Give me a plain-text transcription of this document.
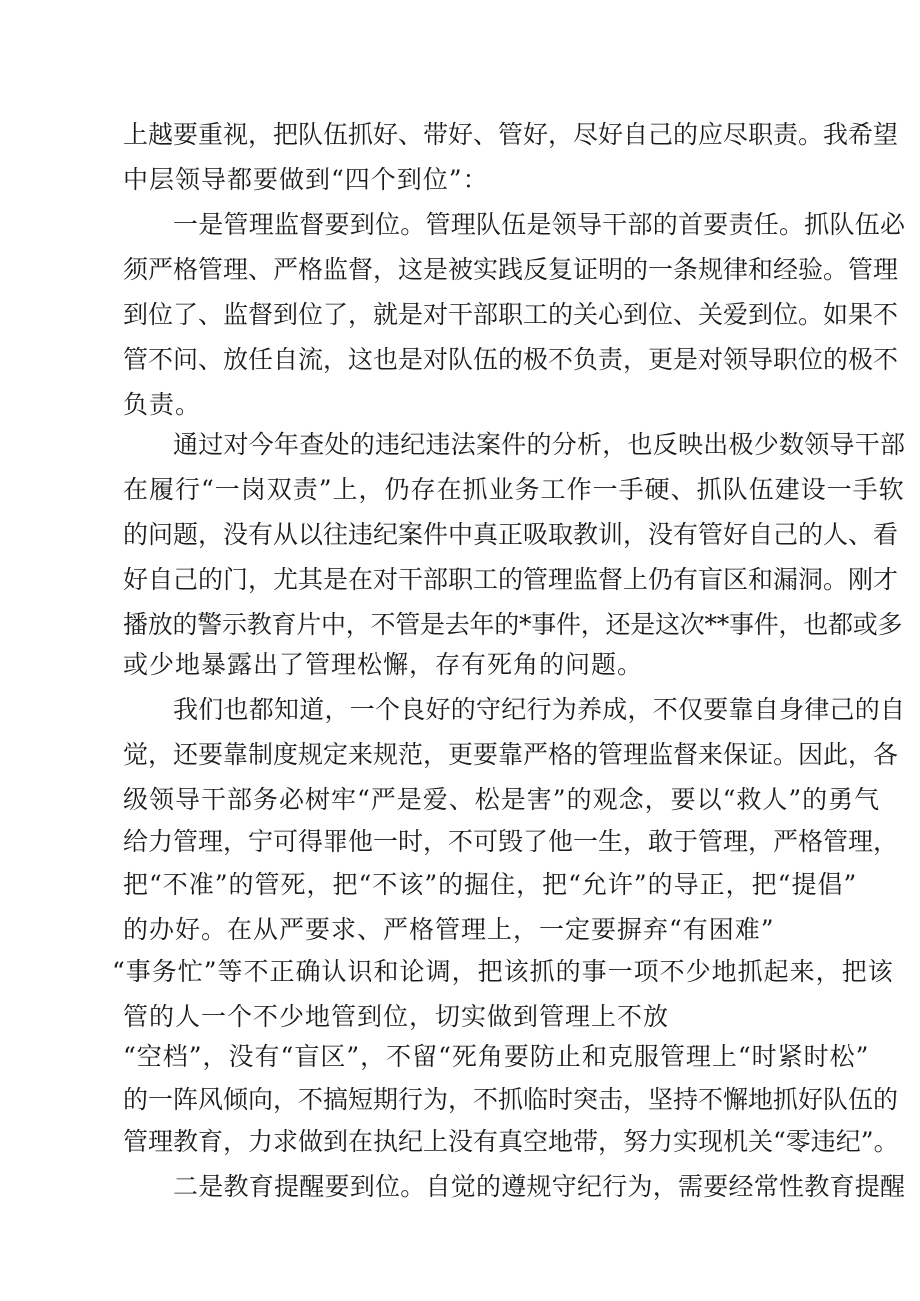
上越要重视，把队伍抓好、带好、管好，尽好自己的应尽职责。我希望

中层领导都要做到“四个到位”：

一是管理监督要到位。管理队伍是领导干部的首要责任。抓队伍必

须严格管理、严格监督，这是被实践反复证明的一条规律和经验。管理

到位了、监督到位了，就是对干部职工的关心到位、关爱到位。如果不

管不问、放任自流，这也是对队伍的极不负责，更是对领导职位的极不

负责。

通过对今年查处的违纪违法案件的分析，也反映出极少数领导干部

在履行“一岗双责”上，仍存在抓业务工作一手硬、抓队伍建设一手软

的问题，没有从以往违纪案件中真正吸取教训，没有管好自己的人、看

好自己的门，尤其是在对干部职工的管理监督上仍有盲区和漏洞。刚才

播放的警示教育片中，不管是去年的*事件，还是这次**事件，也都或多

或少地暴露出了管理松懈，存有死角的问题。

我们也都知道，一个良好的守纪行为养成，不仅要靠自身律己的自

觉，还要靠制度规定来规范，更要靠严格的管理监督来保证。因此，各

级领导干部务必树牢“严是爱、松是害”的观念，要以“救人”的勇气

给力管理，宁可得罪他一时，不可毁了他一生，敢于管理，严格管理，

把“不准”的管死，把“不该”的掘住，把“允许”的导正，把“提倡”

的办好。在从严要求、严格管理上，一定要摒弃“有困难”

“事务忙”等不正确认识和论调，把该抓的事一项不少地抓起来，把该

管的人一个不少地管到位，切实做到管理上不放

“空档”，没有“盲区”，不留“死角要防止和克服管理上“时紧时松”

的一阵风倾向，不搞短期行为，不抓临时突击，坚持不懈地抓好队伍的

管理教育，力求做到在执纪上没有真空地带，努力实现机关“零违纪”。

二是教育提醒要到位。自觉的遵规守纪行为，需要经常性教育提醒
